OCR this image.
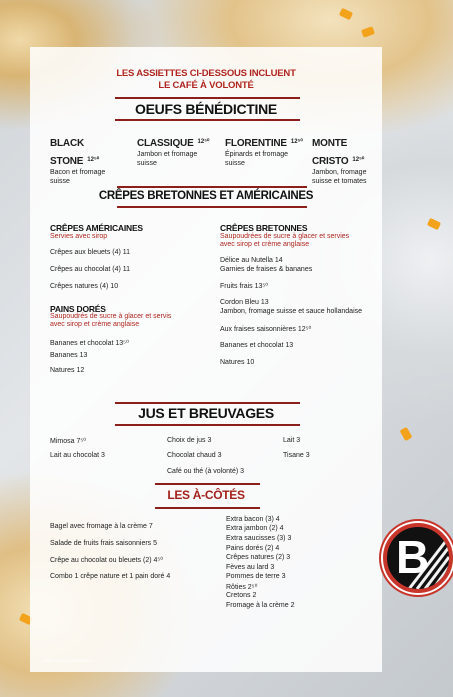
LES ASSIETTES CI-DESSOUS INCLUENT
LE CAFÉ À VOLONTÉ
OEUFS BÉNÉDICTINE
BLACK STONE 12⁵⁰
Bacon et fromage
suisse
CLASSIQUE 12⁵⁰
Jambon et fromage
suisse
FLORENTINE 12⁵⁰
Épinards et fromage
suisse
MONTE CRISTO 12⁵⁰
Jambon, fromage
suisse et tomates
CRÊPES BRETONNES ET AMÉRICAINES
CRÊPES AMÉRICAINES
Servies avec sirop
Crêpes aux bleuets (4) 11
Crêpes au chocolat (4) 11
Crêpes natures (4) 10
PAINS DORÉS
Saupoudrés de sucre à glacer et servis
avec sirop et crème anglaise
Bananes et chocolat 13⁵⁰
Bananes 13
Natures 12
CRÊPES BRETONNES
Saupoudrées de sucre à glacer et servies
avec sirop et crème anglaise
Délice au Nutella 14
Garnies de fraises & bananes
Fruits frais 13⁵⁰
Cordon Bleu 13
Jambon, fromage suisse et sauce hollandaise
Aux fraises saisonnières 12⁵⁰
Bananes et chocolat 13
Natures 10
JUS ET BREUVAGES
Mimosa 7⁵⁰	Choix de jus 3	Lait 3
Lait au chocolat 3	Chocolat chaud 3	Tisane 3
Café ou thé (à volonté) 3
LES À-CÔTÉS
Bagel avec fromage à la crème 7
Salade de fruits frais saisonniers 5
Crêpe au chocolat ou bleuets (2) 4⁵⁰
Combo 1 crêpe nature et 1 pain doré 4
Extra bacon (3) 4
Extra jambon (2) 4
Extra saucisses (3) 3
Pains dorés (2) 4
Crêpes natures (2) 3
Fèves au lard 3
Pommes de terre 3
Rôties 2⁵⁰
Cretons 2
Fromage à la crème 2
Taxes en sus applicables
B
